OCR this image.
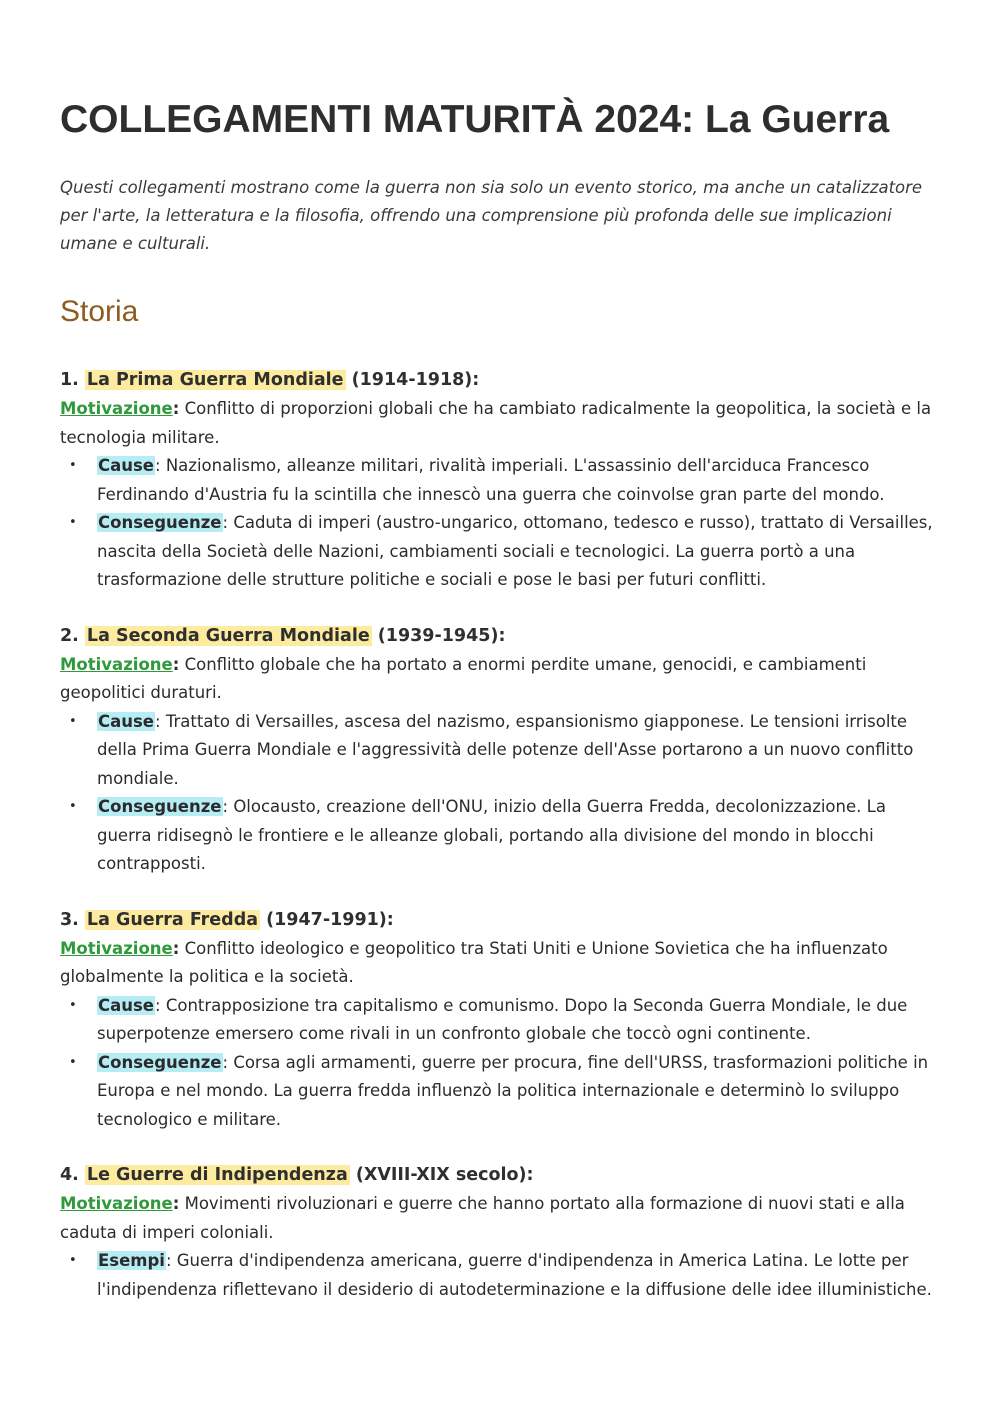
COLLEGAMENTI MATURITÀ 2024: La Guerra

Questi collegamenti mostrano come la guerra non sia solo un evento storico, ma anche un catalizzatore per l'arte, la letteratura e la filosofia, offrendo una comprensione più profonda delle sue implicazioni umane e culturali.

Storia
1. La Prima Guerra Mondiale (1914-1918):
Motivazione: Conflitto di proporzioni globali che ha cambiato radicalmente la geopolitica, la società e la tecnologia militare.
• Cause: Nazionalismo, alleanze militari, rivalità imperiali. L'assassinio dell'arciduca Francesco Ferdinando d'Austria fu la scintilla che innescò una guerra che coinvolse gran parte del mondo.
• Conseguenze: Caduta di imperi (austro-ungarico, ottomano, tedesco e russo), trattato di Versailles, nascita della Società delle Nazioni, cambiamenti sociali e tecnologici. La guerra portò a una trasformazione delle strutture politiche e sociali e pose le basi per futuri conflitti.
2. La Seconda Guerra Mondiale (1939-1945):
Motivazione: Conflitto globale che ha portato a enormi perdite umane, genocidi, e cambiamenti geopolitici duraturi.
• Cause: Trattato di Versailles, ascesa del nazismo, espansionismo giapponese. Le tensioni irrisolte della Prima Guerra Mondiale e l'aggressività delle potenze dell'Asse portarono a un nuovo conflitto mondiale.
• Conseguenze: Olocausto, creazione dell'ONU, inizio della Guerra Fredda, decolonizzazione. La guerra ridisegnò le frontiere e le alleanze globali, portando alla divisione del mondo in blocchi contrapposti.
3. La Guerra Fredda (1947-1991):
Motivazione: Conflitto ideologico e geopolitico tra Stati Uniti e Unione Sovietica che ha influenzato globalmente la politica e la società.
• Cause: Contrapposizione tra capitalismo e comunismo. Dopo la Seconda Guerra Mondiale, le due superpotenze emersero come rivali in un confronto globale che toccò ogni continente.
• Conseguenze: Corsa agli armamenti, guerre per procura, fine dell'URSS, trasformazioni politiche in Europa e nel mondo. La guerra fredda influenzò la politica internazionale e determinò lo sviluppo tecnologico e militare.
4. Le Guerre di Indipendenza (XVIII-XIX secolo):
Motivazione: Movimenti rivoluzionari e guerre che hanno portato alla formazione di nuovi stati e alla caduta di imperi coloniali.
• Esempi: Guerra d'indipendenza americana, guerre d'indipendenza in America Latina. Le lotte per l'indipendenza riflettevano il desiderio di autodeterminazione e la diffusione delle idee illuministiche.
